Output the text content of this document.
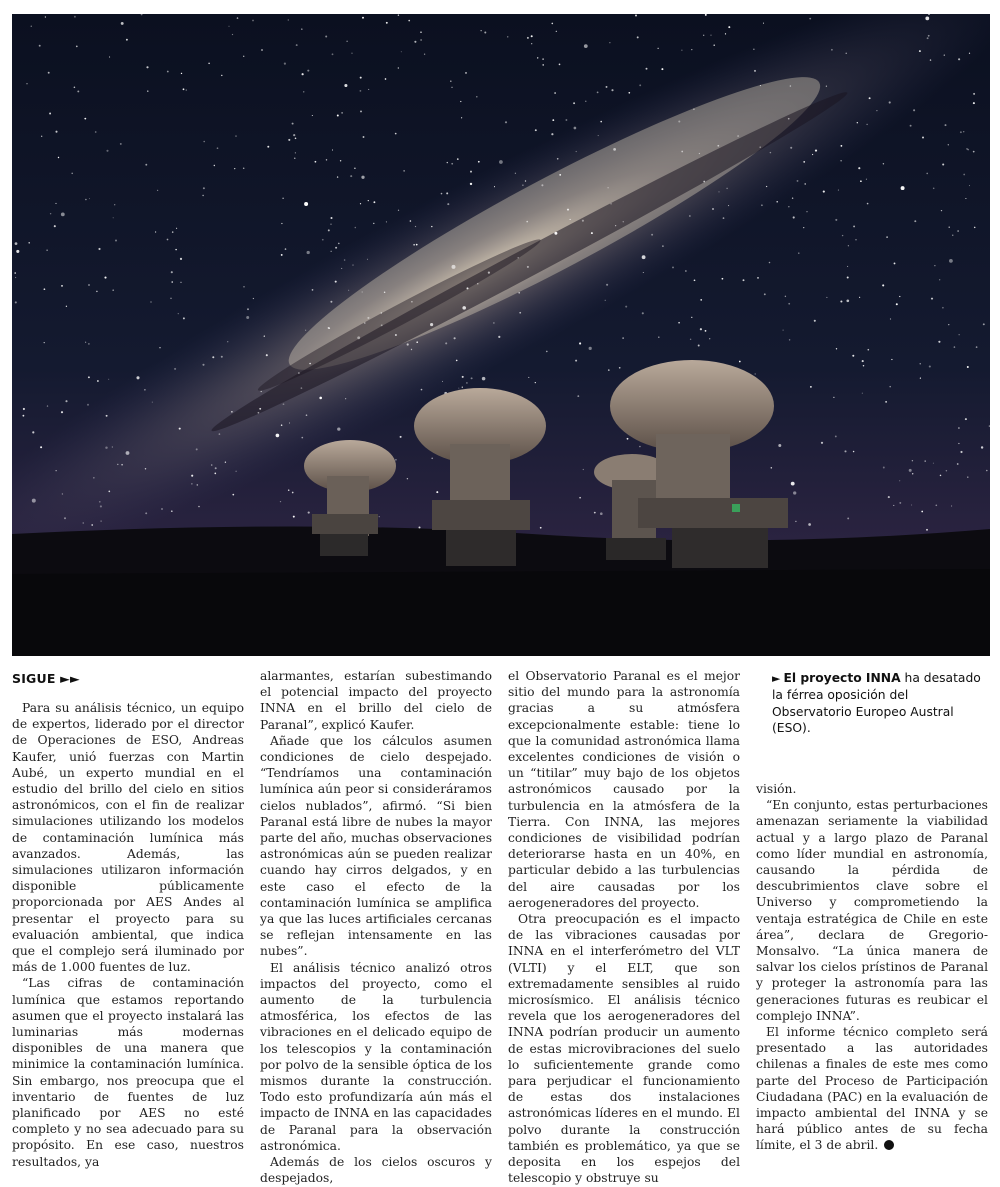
SIGUE ►►

Para su análisis técnico, un equipo de expertos, liderado por el director de Operaciones de ESO, Andreas Kaufer, unió fuerzas con Martin Aubé, un experto mundial en el estudio del brillo del cielo en sitios astronómicos, con el fin de realizar simulaciones utilizando los modelos de contaminación lumínica más avanzados. Además, las simulaciones utilizaron información disponible públicamente proporcionada por AES Andes al presentar el proyecto para su evaluación ambiental, que indica que el complejo será iluminado por más de 1.000 fuentes de luz.

“Las cifras de contaminación lumínica que estamos reportando asumen que el proyecto instalará las luminarias más modernas disponibles de una manera que minimice la contaminación lumínica. Sin embargo, nos preocupa que el inventario de fuentes de luz planificado por AES no esté completo y no sea adecuado para su propósito. En ese caso, nuestros resultados, ya

alarmantes, estarían subestimando el potencial impacto del proyecto INNA en el brillo del cielo de Paranal”, explicó Kaufer.

Añade que los cálculos asumen condiciones de cielo despejado. “Tendríamos una contaminación lumínica aún peor si consideráramos cielos nublados”, afirmó. “Si bien Paranal está libre de nubes la mayor parte del año, muchas observaciones astronómicas aún se pueden realizar cuando hay cirros delgados, y en este caso el efecto de la contaminación lumínica se amplifica ya que las luces artificiales cercanas se reflejan intensamente en las nubes”.

El análisis técnico analizó otros impactos del proyecto, como el aumento de la turbulencia atmosférica, los efectos de las vibraciones en el delicado equipo de los telescopios y la contaminación por polvo de la sensible óptica de los mismos durante la construcción. Todo esto profundizaría aún más el impacto de INNA en las capacidades de Paranal para la observación astronómica.

Además de los cielos oscuros y despejados,

el Observatorio Paranal es el mejor sitio del mundo para la astronomía gracias a su atmósfera excepcionalmente estable: tiene lo que la comunidad astronómica llama excelentes condiciones de visión o un “titilar” muy bajo de los objetos astronómicos causado por la turbulencia en la atmósfera de la Tierra. Con INNA, las mejores condiciones de visibilidad podrían deteriorarse hasta en un 40%, en particular debido a las turbulencias del aire causadas por los aerogeneradores del proyecto.

Otra preocupación es el impacto de las vibraciones causadas por INNA en el interferómetro del VLT (VLTI) y el ELT, que son extremadamente sensibles al ruido microsísmico. El análisis técnico revela que los aerogeneradores del INNA podrían producir un aumento de estas microvibraciones del suelo lo suficientemente grande como para perjudicar el funcionamiento de estas dos instalaciones astronómicas líderes en el mundo. El polvo durante la construcción también es problemático, ya que se deposita en los espejos del telescopio y obstruye su

► El proyecto INNA ha desatado la férrea oposición del Observatorio Europeo Austral (ESO).

visión.

“En conjunto, estas perturbaciones amenazan seriamente la viabilidad actual y a largo plazo de Paranal como líder mundial en astronomía, causando la pérdida de descubrimientos clave sobre el Universo y comprometiendo la ventaja estratégica de Chile en este área”, declara de Gregorio-Monsalvo. “La única manera de salvar los cielos prístinos de Paranal y proteger la astronomía para las generaciones futuras es reubicar el complejo INNA”.

El informe técnico completo será presentado a las autoridades chilenas a finales de este mes como parte del Proceso de Participación Ciudadana (PAC) en la evaluación de impacto ambiental del INNA y se hará público antes de su fecha límite, el 3 de abril.
